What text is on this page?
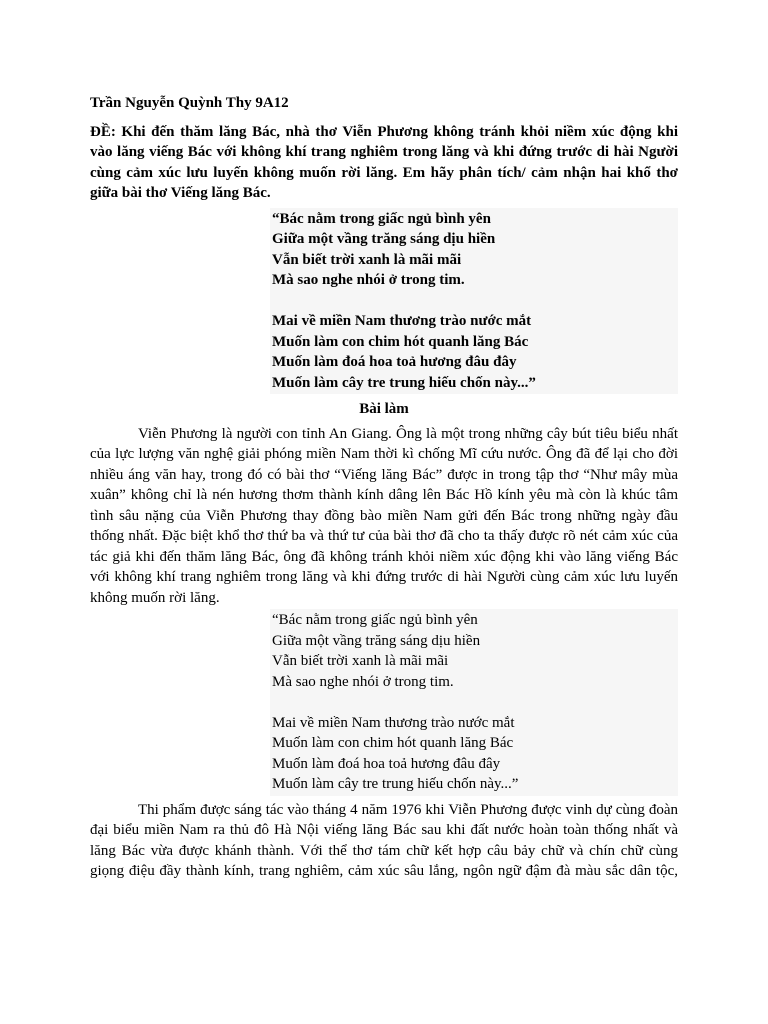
Trần Nguyễn Quỳnh Thy 9A12
ĐỀ: Khi đến thăm lăng Bác, nhà thơ Viễn Phương không tránh khỏi niềm xúc động khi
vào lăng viếng Bác với không khí trang nghiêm trong lăng và khi đứng trước di hài Người
cùng cảm xúc lưu luyến không muốn rời lăng. Em hãy phân tích/ cảm nhận hai khổ thơ
giữa bài thơ Viếng lăng Bác.
“Bác nằm trong giấc ngủ bình yên
Giữa một vầng trăng sáng dịu hiền
Vẫn biết trời xanh là mãi mãi
Mà sao nghe nhói ở trong tim.
Mai về miền Nam thương trào nước mắt
Muốn làm con chim hót quanh lăng Bác
Muốn làm đoá hoa toả hương đâu đây
Muốn làm cây tre trung hiếu chốn này...”
Bài làm
Viễn Phương là người con tỉnh An Giang. Ông là một trong những cây bút tiêu biểu nhất
của lực lượng văn nghệ giải phóng miền Nam thời kì chống Mĩ cứu nước. Ông đã để lại cho đời
nhiều áng văn hay, trong đó có bài thơ “Viếng lăng Bác” được in trong tập thơ “Như mây mùa
xuân” không chỉ là nén hương thơm thành kính dâng lên Bác Hồ kính yêu mà còn là khúc tâm
tình sâu nặng của Viễn Phương thay đồng bào miền Nam gửi đến Bác trong những ngày đầu
thống nhất. Đặc biệt khổ thơ thứ ba và thứ tư của bài thơ đã cho ta thấy được rõ nét cảm xúc của
tác giả khi đến thăm lăng Bác, ông đã không tránh khỏi niềm xúc động khi vào lăng viếng Bác
với không khí trang nghiêm trong lăng và khi đứng trước di hài Người cùng cảm xúc lưu luyến
không muốn rời lăng.
“Bác nằm trong giấc ngủ bình yên
Giữa một vầng trăng sáng dịu hiền
Vẫn biết trời xanh là mãi mãi
Mà sao nghe nhói ở trong tim.
Mai về miền Nam thương trào nước mắt
Muốn làm con chim hót quanh lăng Bác
Muốn làm đoá hoa toả hương đâu đây
Muốn làm cây tre trung hiếu chốn này...”
Thi phẩm được sáng tác vào tháng 4 năm 1976 khi Viễn Phương được vinh dự cùng đoàn
đại biểu miền Nam ra thủ đô Hà Nội viếng lăng Bác sau khi đất nước hoàn toàn thống nhất và
lăng Bác vừa được khánh thành. Với thể thơ tám chữ kết hợp câu bảy chữ và chín chữ cùng
giọng điệu đầy thành kính, trang nghiêm, cảm xúc sâu lắng, ngôn ngữ đậm đà màu sắc dân tộc,
